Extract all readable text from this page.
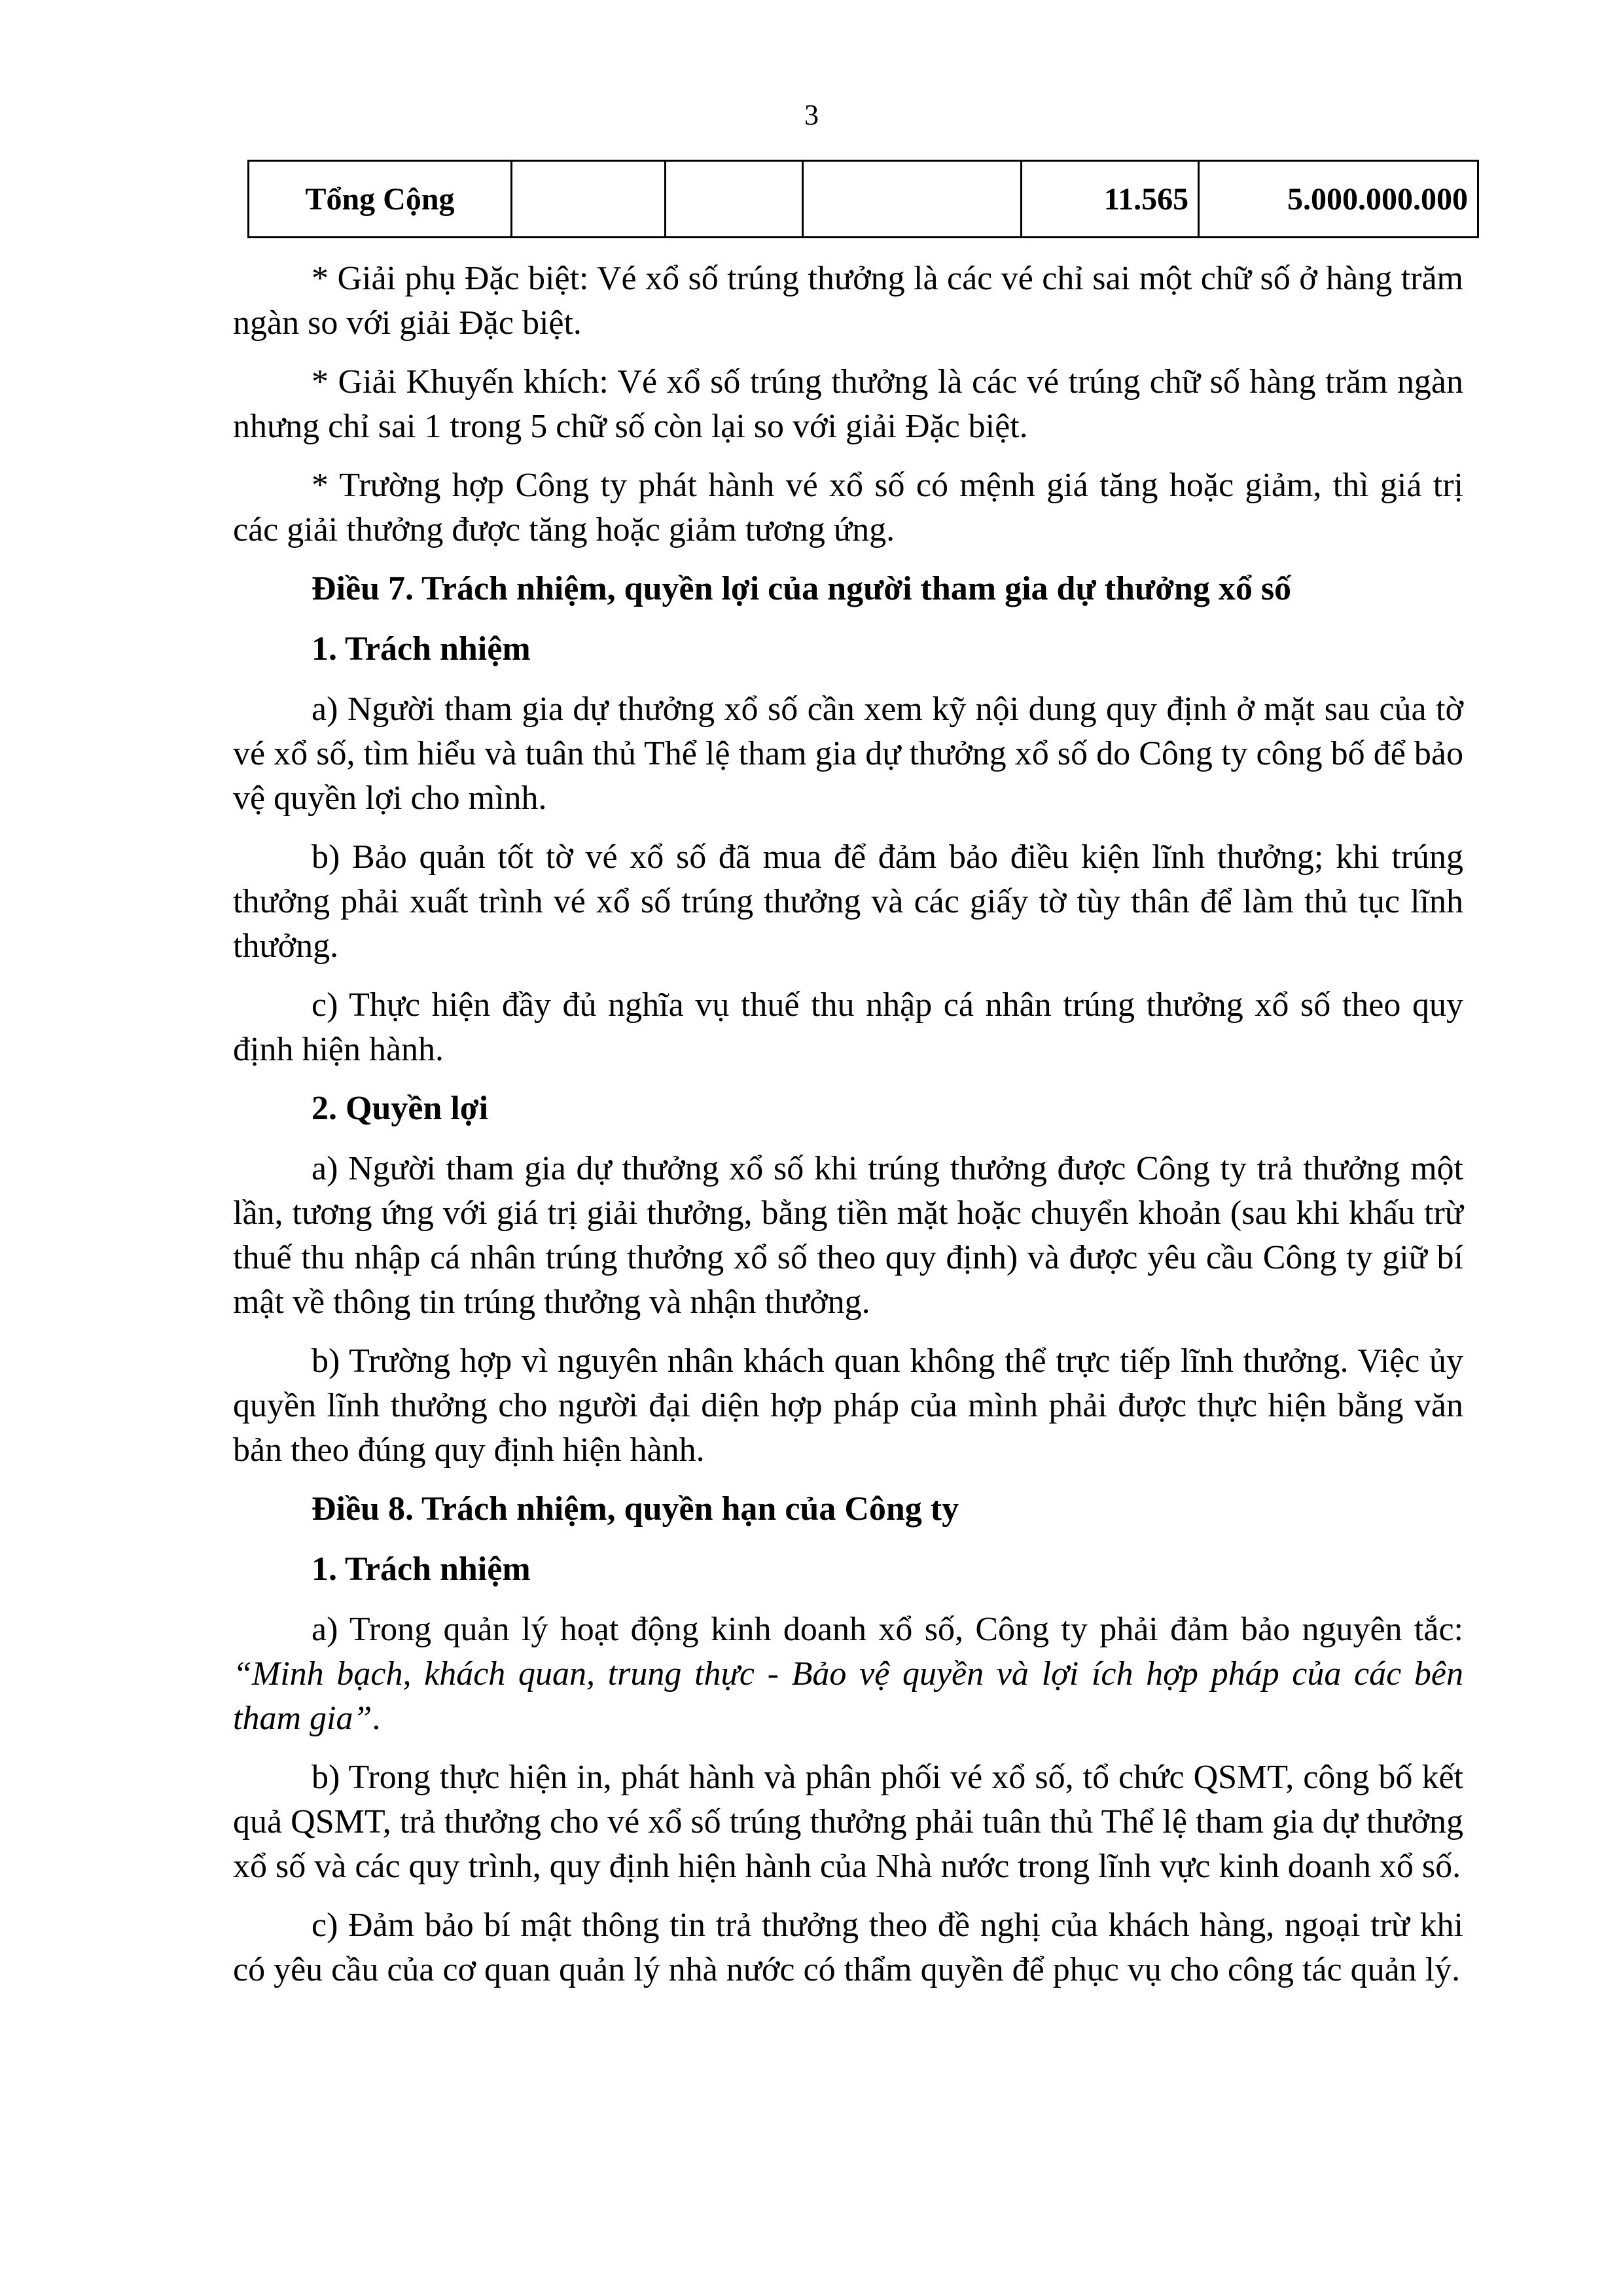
3
Tổng Cộng				11.565	5.000.000.000

* Giải phụ Đặc biệt: Vé xổ số trúng thưởng là các vé chỉ sai một chữ số ở hàng trăm ngàn so với giải Đặc biệt.

* Giải Khuyến khích: Vé xổ số trúng thưởng là các vé trúng chữ số hàng trăm ngàn nhưng chỉ sai 1 trong 5 chữ số còn lại so với giải Đặc biệt.

* Trường hợp Công ty phát hành vé xổ số có mệnh giá tăng hoặc giảm, thì giá trị các giải thưởng được tăng hoặc giảm tương ứng.

Điều 7. Trách nhiệm, quyền lợi của người tham gia dự thưởng xổ số

1. Trách nhiệm

a) Người tham gia dự thưởng xổ số cần xem kỹ nội dung quy định ở mặt sau của tờ vé xổ số, tìm hiểu và tuân thủ Thể lệ tham gia dự thưởng xổ số do Công ty công bố để bảo vệ quyền lợi cho mình.

b) Bảo quản tốt tờ vé xổ số đã mua để đảm bảo điều kiện lĩnh thưởng; khi trúng thưởng phải xuất trình vé xổ số trúng thưởng và các giấy tờ tùy thân để làm thủ tục lĩnh thưởng.

c) Thực hiện đầy đủ nghĩa vụ thuế thu nhập cá nhân trúng thưởng xổ số theo quy định hiện hành.

2. Quyền lợi

a) Người tham gia dự thưởng xổ số khi trúng thưởng được Công ty trả thưởng một lần, tương ứng với giá trị giải thưởng, bằng tiền mặt hoặc chuyển khoản (sau khi khấu trừ thuế thu nhập cá nhân trúng thưởng xổ số theo quy định) và được yêu cầu Công ty giữ bí mật về thông tin trúng thưởng và nhận thưởng.

b) Trường hợp vì nguyên nhân khách quan không thể trực tiếp lĩnh thưởng. Việc ủy quyền lĩnh thưởng cho người đại diện hợp pháp của mình phải được thực hiện bằng văn bản theo đúng quy định hiện hành.

Điều 8. Trách nhiệm, quyền hạn của Công ty

1. Trách nhiệm

a) Trong quản lý hoạt động kinh doanh xổ số, Công ty phải đảm bảo nguyên tắc: “Minh bạch, khách quan, trung thực - Bảo vệ quyền và lợi ích hợp pháp của các bên tham gia”.

b) Trong thực hiện in, phát hành và phân phối vé xổ số, tổ chức QSMT, công bố kết quả QSMT, trả thưởng cho vé xổ số trúng thưởng phải tuân thủ Thể lệ tham gia dự thưởng xổ số và các quy trình, quy định hiện hành của Nhà nước trong lĩnh vực kinh doanh xổ số.

c) Đảm bảo bí mật thông tin trả thưởng theo đề nghị của khách hàng, ngoại trừ khi có yêu cầu của cơ quan quản lý nhà nước có thẩm quyền để phục vụ cho công tác quản lý.
